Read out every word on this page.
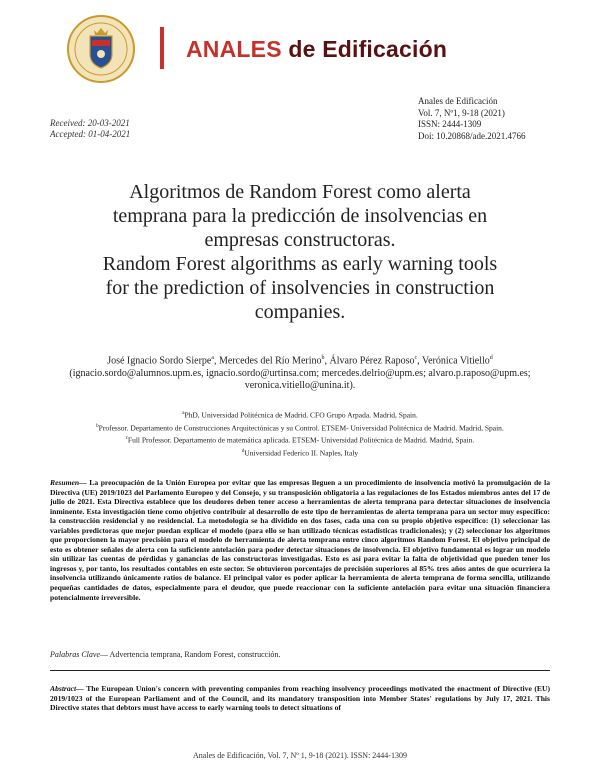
ANALES de Edificación
Received: 20-03-2021
Accepted: 01-04-2021
Anales de Edificación
Vol. 7, Nº1, 9-18 (2021)
ISSN: 2444-1309
Doi: 10.20868/ade.2021.4766
Algoritmos de Random Forest como alerta
temprana para la predicción de insolvencias en
empresas constructoras.
Random Forest algorithms as early warning tools
for the prediction of insolvencies in construction
companies.
José Ignacio Sordo Sierpe$^a$, Mercedes del Río Merino$^b$, Álvaro Pérez Raposo$^c$, Verónica Vitiello$^d$
(ignacio.sordo@alumnos.upm.es, ignacio.sordo@urtinsa.com; mercedes.delrio@upm.es; alvaro.p.raposo@upm.es;
veronica.vitiello@unina.it).
$^a$PhD, Universidad Politécnica de Madrid. CFO Grupo Arpada. Madrid, Spain.
$^b$Professor. Departamento de Construcciones Arquitectónicas y su Control. ETSEM- Universidad Politécnica de Madrid. Madrid, Spain.
$^c$Full Professor. Departamento de matemática aplicada. ETSEM- Universidad Politécnica de Madrid. Madrid, Spain.
$^d$Universidad Federico II. Naples, Italy
Resumen— La preocupación de la Unión Europea por evitar que las empresas lleguen a un procedimiento de insolvencia motivó la promulgación de la Directiva (UE) 2019/1023 del Parlamento Europeo y del Consejo, y su transposición obligatoria a las regulaciones de los Estados miembros antes del 17 de julio de 2021. Esta Directiva establece que los deudores deben tener acceso a herramientas de alerta temprana para detectar situaciones de insolvencia inminente. Esta investigación tiene como objetivo contribuir al desarrollo de este tipo de herramientas de alerta temprana para un sector muy específico: la construcción residencial y no residencial. La metodología se ha dividido en dos fases, cada una con su propio objetivo específico: (1) seleccionar las variables predictoras que mejor puedan explicar el modelo (para ello se han utilizado técnicas estadísticas tradicionales); y (2) seleccionar los algoritmos que proporcionen la mayor precisión para el modelo de herramienta de alerta temprana entre cinco algoritmos Random Forest. El objetivo principal de esto es obtener señales de alerta con la suficiente antelación para poder detectar situaciones de insolvencia. El objetivo fundamental es lograr un modelo sin utilizar las cuentas de pérdidas y ganancias de las constructoras investigadas. Esto es así para evitar la falta de objetividad que pueden tener los ingresos y, por tanto, los resultados contables en este sector. Se obtuvieron porcentajes de precisión superiores al 85% tres años antes de que ocurriera la insolvencia utilizando únicamente ratios de balance. El principal valor es poder aplicar la herramienta de alerta temprana de forma sencilla, utilizando pequeñas cantidades de datos, especialmente para el deudor, que puede reaccionar con la suficiente antelación para evitar una situación financiera potencialmente irreversible.
Palabras Clave— Advertencia temprana, Random Forest, construcción.
Abstract— The European Union's concern with preventing companies from reaching insolvency proceedings motivated the enactment of Directive (EU) 2019/1023 of the European Parliament and of the Council, and its mandatory transposition into Member States' regulations by July 17, 2021. This Directive states that debtors must have access to early warning tools to detect situations of
Anales de Edificación, Vol. 7, Nº 1, 9-18 (2021). ISSN: 2444-1309
